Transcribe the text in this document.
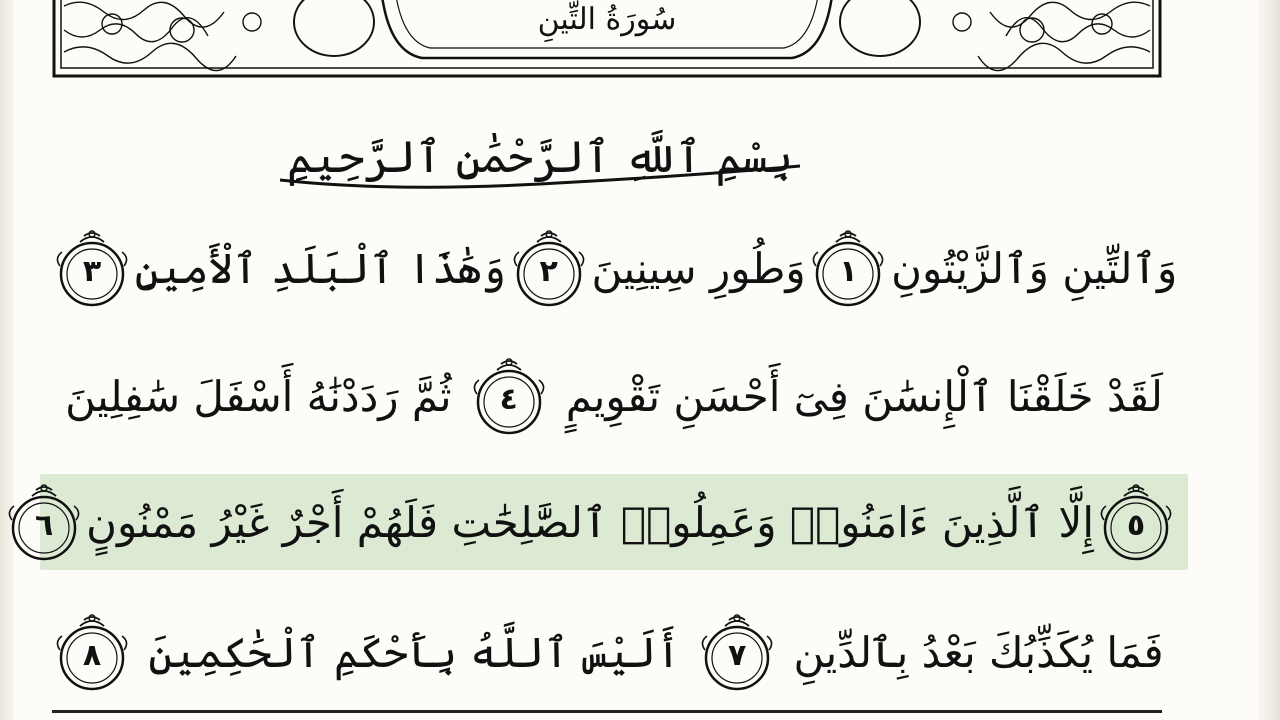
سُورَةُ التِّينِ
بِسْمِ ٱللَّهِ ٱلرَّحْمَٰنِ ٱلرَّحِيمِ
وَٱلتِّينِ وَٱلزَّيْتُونِ
١
وَطُورِ سِينِينَ
٢
وَهَٰذَا ٱلْبَلَدِ ٱلْأَمِينِ
٣
لَقَدْ خَلَقْنَا ٱلْإِنسَٰنَ فِىٓ أَحْسَنِ تَقْوِيمٍ
٤
ثُمَّ رَدَدْنَٰهُ أَسْفَلَ سَٰفِلِينَ
٥
إِلَّا ٱلَّذِينَ ءَامَنُوا۟ وَعَمِلُوا۟ ٱلصَّٰلِحَٰتِ فَلَهُمْ أَجْرٌ غَيْرُ مَمْنُونٍ
٦
فَمَا يُكَذِّبُكَ بَعْدُ بِٱلدِّينِ
٧
أَلَيْسَ ٱللَّهُ بِأَحْكَمِ ٱلْحَٰكِمِينَ
٨
